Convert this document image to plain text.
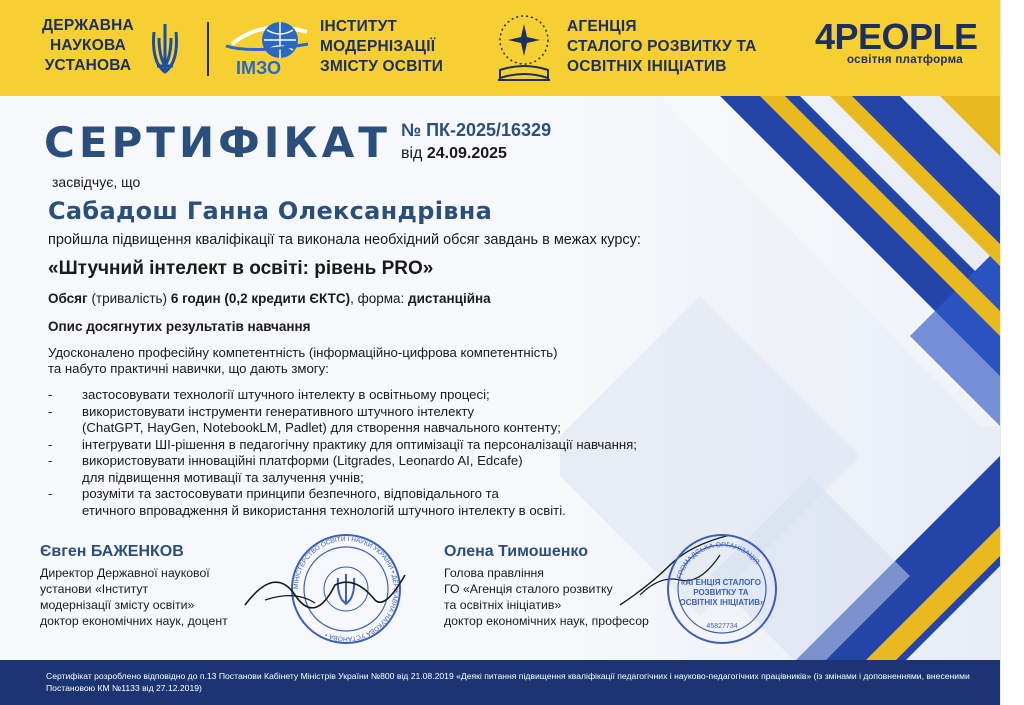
ДЕРЖАВНА
НАУКОВА
УСТАНОВА	ІМЗО
ІНСТИТУТ
МОДЕРНІЗАЦІЇ
ЗМІСТУ ОСВІТИ
АГЕНЦІЯ
СТАЛОГО РОЗВИТКУ ТА
ОСВІТНІХ ІНІЦІАТИВ
4PEOPLE
освітня платформа
СЕРТИФІКАТ № ПК-2025/16329
від 24.09.2025
засвідчує, що
Сабадош Ганна Олександрівна
пройшла підвищення кваліфікації та виконала необхідний обсяг завдань в межах курсу:
«Штучний інтелект в освіті: рівень PRO»
Обсяг (тривалість) 6 годин (0,2 кредити ЄКТС), форма: дистанційна
Опис досягнутих результатів навчання
Удосконалено професійну компетентність (інформаційно-цифрова компетентність)
та набуто практичні навички, що дають змогу:
- застосовувати технології штучного інтелекту в освітньому процесі;
- використовувати інструменти генеративного штучного інтелекту
(ChatGPT, HayGen, NotebookLM, Padlet) для створення навчального контенту;
- інтегрувати ШІ-рішення в педагогічну практику для оптимізації та персоналізації навчання;
- використовувати інноваційні платформи (Litgrades, Leonardo AI, Edcafe)
для підвищення мотивації та залучення учнів;
- розуміти та застосовувати принципи безпечного, відповідального та
етичного впровадження й використання технологій штучного інтелекту в освіті.
Євген БАЖЕНКОВ
Директор Державної наукової
установи «Інститут
модернізації змісту освіти»
доктор економічних наук, доцент
МІНІСТЕРСТВО ОСВІТИ І НАУКИ УКРАЇНИ • ДЕРЖАВНА НАУКОВА УСТАНОВА •
Олена Тимошенко
Голова правління
ГО «Агенція сталого розвитку
та освітніх ініціатив»
доктор економічних наук, професор
ГРОМАДСЬКА ОРГАНІЗАЦІЯ
«АГЕНЦІЯ СТАЛОГО РОЗВИТКУ ТА ОСВІТНІХ ІНІЦІАТИВ»
45827734
Сертифікат розроблено відповідно до п.13 Постанови Кабінету Міністрів України №800 від 21.08.2019 «Деякі питання підвищення кваліфікації педагогічних і науково-педагогічних працівників» (із змінами і доповненнями, внесеними Постановою КМ №1133 від 27.12.2019)
